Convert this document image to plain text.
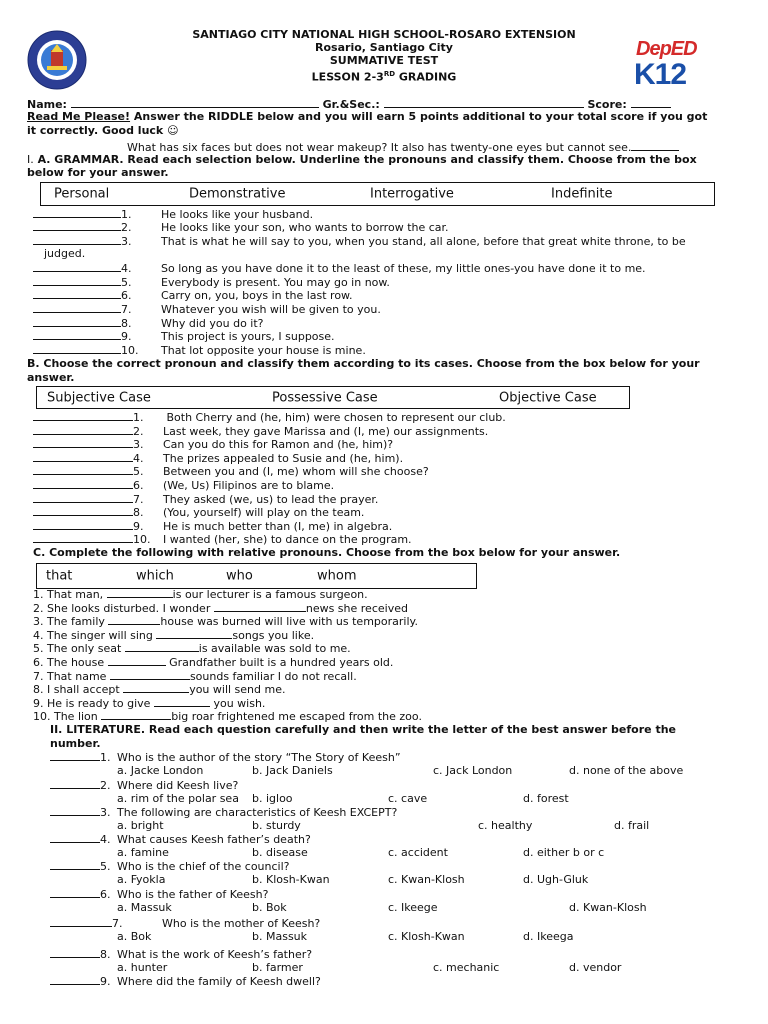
SANTIAGO CITY NATIONAL HIGH SCHOOL-ROSARO EXTENSION
Rosario, Santiago City
SUMMATIVE TEST
LESSON 2-3RD GRADING
DepED
K12
Name:	Gr.&Sec.:	Score:
Read Me Please! Answer the RIDDLE below and you will earn 5 points additional to your total score if you got
it correctly. Good luck ☺
What has six faces but does not wear makeup? It also has twenty-one eyes but cannot see.
I. A. GRAMMAR. Read each selection below. Underline the pronouns and classify them. Choose from the box
below for your answer.
Personal	Demonstrative	Interrogative	Indefinite
1.	He looks like your husband.
2.	He looks like your son, who wants to borrow the car.
3.	That is what he will say to you, when you stand, all alone, before that great white throne, to be
judged.
4.	So long as you have done it to the least of these, my little ones-you have done it to me.
5.	Everybody is present. You may go in now.
6.	Carry on, you, boys in the last row.
7.	Whatever you wish will be given to you.
8.	Why did you do it?
9.	This project is yours, I suppose.
10. That lot opposite your house is mine.
B. Choose the correct pronoun and classify them according to its cases. Choose from the box below for your
answer.
Subjective Case	Possessive Case	Objective Case
1. Both Cherry and (he, him) were chosen to represent our club.
2. Last week, they gave Marissa and (I, me) our assignments.
3. Can you do this for Ramon and (he, him)?
4. The prizes appealed to Susie and (he, him).
5. Between you and (I, me) whom will she choose?
6. (We, Us) Filipinos are to blame.
7. They asked (we, us) to lead the prayer.
8. (You, yourself) will play on the team.
9. He is much better than (I, me) in algebra.
10. I wanted (her, she) to dance on the program.
C. Complete the following with relative pronouns. Choose from the box below for your answer.
that	which	who	whom
1. That man,	is our lecturer is a famous surgeon.
2. She looks disturbed. I wonder	news she received
3. The family	house was burned will live with us temporarily.
4. The singer will sing	songs you like.
5. The only seat	is available was sold to me.
6. The house	Grandfather built is a hundred years old.
7. That name	sounds familiar I do not recall.
8. I shall accept	you will send me.
9. He is ready to give	you wish.
10. The lion	big roar frightened me escaped from the zoo.
II. LITERATURE. Read each question carefully and then write the letter of the best answer before the
number.
1. Who is the author of the story “The Story of Keesh”
a. Jacke London	b. Jack Daniels	c. Jack London	d. none of the above
2. Where did Keesh live?
a. rim of the polar sea b. igloo	c. cave	d. forest
3. The following are characteristics of Keesh EXCEPT?
a. bright	b. sturdy	c. healthy	d. frail
4. What causes Keesh father’s death?
a. famine	b. disease	c. accident	d. either b or c
5. Who is the chief of the council?
a. Fyokla	b. Klosh-Kwan	c. Kwan-Klosh	d. Ugh-Gluk
6. Who is the father of Keesh?
a. Massuk	b. Bok	c. Ikeege	d. Kwan-Klosh
7.	Who is the mother of Keesh?
a. Bok	b. Massuk	c. Klosh-Kwan	d. Ikeega
8. What is the work of Keesh’s father?
a. hunter	b. farmer	c. mechanic	d. vendor
9. Where did the family of Keesh dwell?
